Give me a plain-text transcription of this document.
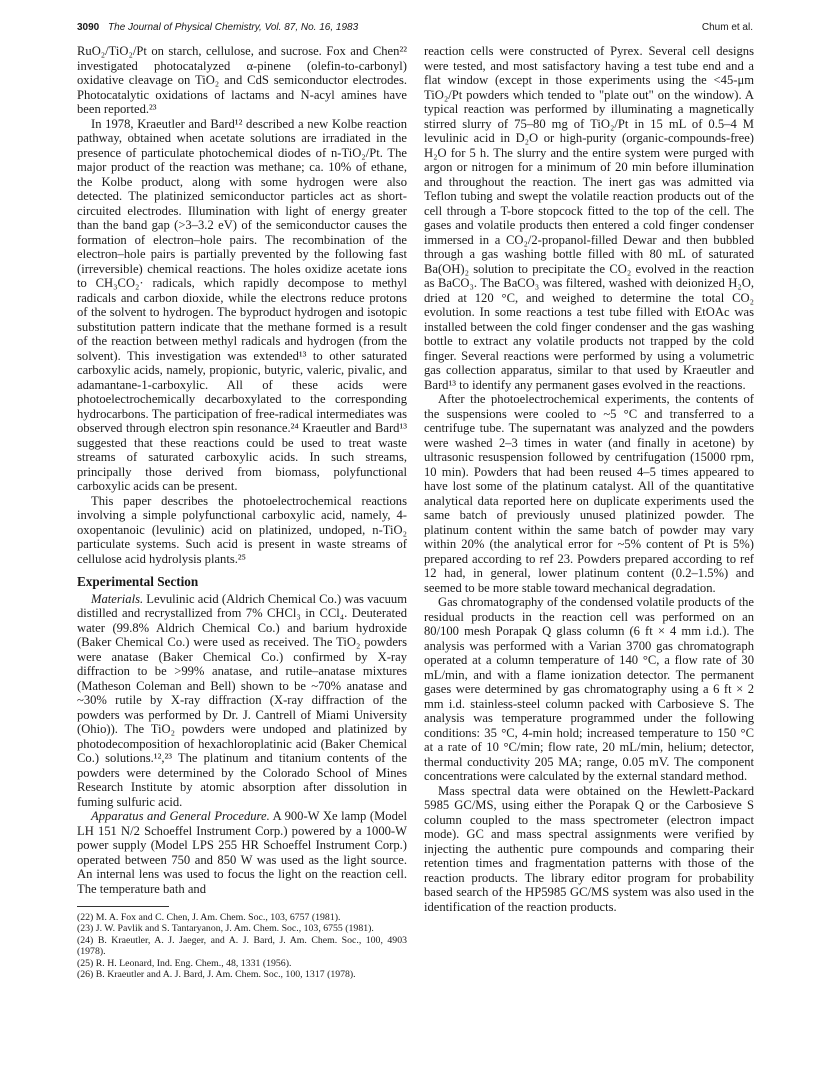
3090 The Journal of Physical Chemistry, Vol. 87, No. 16, 1983	Chum et al.

RuO₂/TiO₂/Pt on starch, cellulose, and sucrose. Fox and Chen²² investigated photocatalyzed α-pinene (olefin-to-carbonyl) oxidative cleavage on TiO₂ and CdS semiconductor electrodes. Photocatalytic oxidations of lactams and N-acyl amines have been reported.²³

In 1978, Kraeutler and Bard¹² described a new Kolbe reaction pathway, obtained when acetate solutions are irradiated in the presence of particulate photochemical diodes of n-TiO₂/Pt. The major product of the reaction was methane; ca. 10% of ethane, the Kolbe product, along with some hydrogen were also detected. The platinized semiconductor particles act as short-circuited electrodes. Illumination with light of energy greater than the band gap (>3–3.2 eV) of the semiconductor causes the formation of electron–hole pairs. The recombination of the electron–hole pairs is partially prevented by the following fast (irreversible) chemical reactions. The holes oxidize acetate ions to CH₃CO₂· radicals, which rapidly decompose to methyl radicals and carbon dioxide, while the electrons reduce protons of the solvent to hydrogen. The byproduct hydrogen and isotopic substitution pattern indicate that the methane formed is a result of the reaction between methyl radicals and hydrogen (from the solvent). This investigation was extended¹³ to other saturated carboxylic acids, namely, propionic, butyric, valeric, pivalic, and adamantane-1-carboxylic. All of these acids were photoelectrochemically decarboxylated to the corresponding hydrocarbons. The participation of free-radical intermediates was observed through electron spin resonance.²⁴ Kraeutler and Bard¹³ suggested that these reactions could be used to treat waste streams of saturated carboxylic acids. In such streams, principally those derived from biomass, polyfunctional carboxylic acids can be present.

This paper describes the photoelectrochemical reactions involving a simple polyfunctional carboxylic acid, namely, 4-oxopentanoic (levulinic) acid on platinized, undoped, n-TiO₂ particulate systems. Such acid is present in waste streams of cellulose acid hydrolysis plants.²⁵

Experimental Section

Materials. Levulinic acid (Aldrich Chemical Co.) was vacuum distilled and recrystallized from 7% CHCl₃ in CCl₄. Deuterated water (99.8% Aldrich Chemical Co.) and barium hydroxide (Baker Chemical Co.) were used as received. The TiO₂ powders were anatase (Baker Chemical Co.) confirmed by X-ray diffraction to be >99% anatase, and rutile–anatase mixtures (Matheson Coleman and Bell) shown to be ~70% anatase and ~30% rutile by X-ray diffraction (X-ray diffraction of the powders was performed by Dr. J. Cantrell of Miami University (Ohio)). The TiO₂ powders were undoped and platinized by photodecomposition of hexachloroplatinic acid (Baker Chemical Co.) solutions.¹²,²³ The platinum and titanium contents of the powders were determined by the Colorado School of Mines Research Institute by atomic absorption after dissolution in fuming sulfuric acid.

Apparatus and General Procedure. A 900-W Xe lamp (Model LH 151 N/2 Schoeffel Instrument Corp.) powered by a 1000-W power supply (Model LPS 255 HR Schoeffel Instrument Corp.) operated between 750 and 850 W was used as the light source. An internal lens was used to focus the light on the reaction cell. The temperature bath and

(22) M. A. Fox and C. Chen, J. Am. Chem. Soc., 103, 6757 (1981).
(23) J. W. Pavlik and S. Tantaryanon, J. Am. Chem. Soc., 103, 6755 (1981).
(24) B. Kraeutler, A. J. Jaeger, and A. J. Bard, J. Am. Chem. Soc., 100, 4903 (1978).
(25) R. H. Leonard, Ind. Eng. Chem., 48, 1331 (1956).
(26) B. Kraeutler and A. J. Bard, J. Am. Chem. Soc., 100, 1317 (1978).

reaction cells were constructed of Pyrex. Several cell designs were tested, and most satisfactory having a test tube end and a flat window (except in those experiments using the <45-μm TiO₂/Pt powders which tended to "plate out" on the window). A typical reaction was performed by illuminating a magnetically stirred slurry of 75–80 mg of TiO₂/Pt in 15 mL of 0.5–4 M levulinic acid in D₂O or high-purity (organic-compounds-free) H₂O for 5 h. The slurry and the entire system were purged with argon or nitrogen for a minimum of 20 min before illumination and throughout the reaction. The inert gas was admitted via Teflon tubing and swept the volatile reaction products out of the cell through a T-bore stopcock fitted to the top of the cell. The gases and volatile products then entered a cold finger condenser immersed in a CO₂/2-propanol-filled Dewar and then bubbled through a gas washing bottle filled with 80 mL of saturated Ba(OH)₂ solution to precipitate the CO₂ evolved in the reaction as BaCO₃. The BaCO₃ was filtered, washed with deionized H₂O, dried at 120 °C, and weighed to determine the total CO₂ evolution. In some reactions a test tube filled with EtOAc was installed between the cold finger condenser and the gas washing bottle to extract any volatile products not trapped by the cold finger. Several reactions were performed by using a volumetric gas collection apparatus, similar to that used by Kraeutler and Bard¹³ to identify any permanent gases evolved in the reactions.

After the photoelectrochemical experiments, the contents of the suspensions were cooled to ~5 °C and transferred to a centrifuge tube. The supernatant was analyzed and the powders were washed 2–3 times in water (and finally in acetone) by ultrasonic resuspension followed by centrifugation (15000 rpm, 10 min). Powders that had been reused 4–5 times appeared to have lost some of the platinum catalyst. All of the quantitative analytical data reported here on duplicate experiments used the same batch of previously unused platinized powder. The platinum content within the same batch of powder may vary within 20% (the analytical error for ~5% content of Pt is 5%) prepared according to ref 23. Powders prepared according to ref 12 had, in general, lower platinum content (0.2–1.5%) and seemed to be more stable toward mechanical degradation.

Gas chromatography of the condensed volatile products of the residual products in the reaction cell was performed on an 80/100 mesh Porapak Q glass column (6 ft × 4 mm i.d.). The analysis was performed with a Varian 3700 gas chromatograph operated at a column temperature of 140 °C, a flow rate of 30 mL/min, and with a flame ionization detector. The permanent gases were determined by gas chromatography using a 6 ft × 2 mm i.d. stainless-steel column packed with Carbosieve S. The analysis was temperature programmed under the following conditions: 35 °C, 4-min hold; increased temperature to 150 °C at a rate of 10 °C/min; flow rate, 20 mL/min, helium; detector, thermal conductivity 205 MA; range, 0.05 mV. The component concentrations were calculated by the external standard method.

Mass spectral data were obtained on the Hewlett-Packard 5985 GC/MS, using either the Porapak Q or the Carbosieve S column coupled to the mass spectrometer (electron impact mode). GC and mass spectral assignments were verified by injecting the authentic pure compounds and comparing their retention times and fragmentation patterns with those of the reaction products. The library editor program for probability based search of the HP5985 GC/MS system was also used in the identification of the reaction products.
